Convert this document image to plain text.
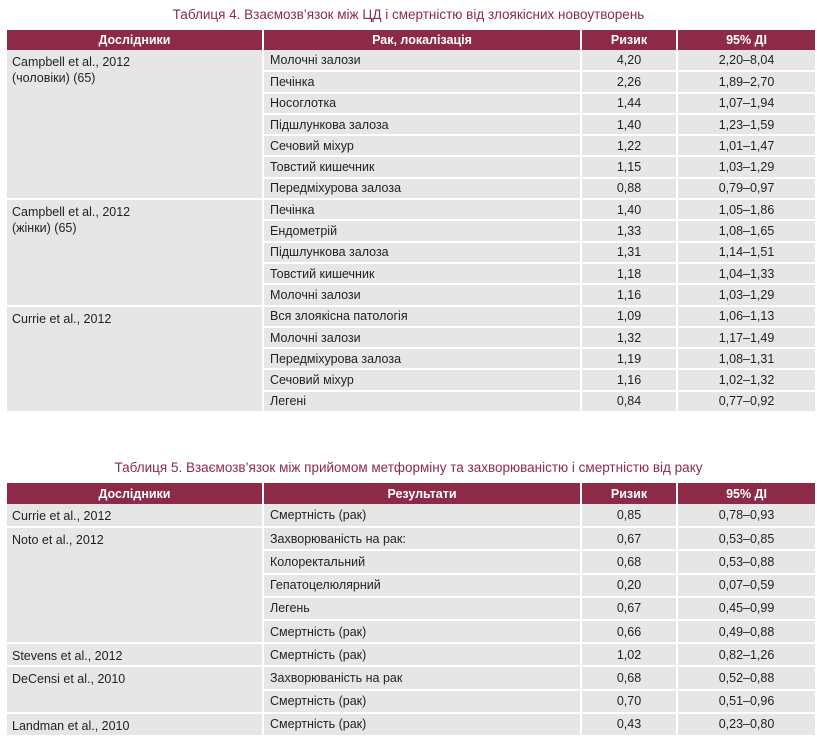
Таблиця 4. Взаємозв’язок між ЦД і смертністю від злоякісних новоутворень
Дослідники	Рак, локалізація	Ризик	95% ДІ
Campbell et al., 2012
(чоловіки) (65)	Молочні залози	4,20	2,20–8,04
	Печінка	2,26	1,89–2,70
	Носоглотка	1,44	1,07–1,94
	Підшлункова залоза	1,40	1,23–1,59
	Сечовий міхур	1,22	1,01–1,47
	Товстий кишечник	1,15	1,03–1,29
	Передміхурова залоза	0,88	0,79–0,97
Campbell et al., 2012
(жінки) (65)	Печінка	1,40	1,05–1,86
	Ендометрій	1,33	1,08–1,65
	Підшлункова залоза	1,31	1,14–1,51
	Товстий кишечник	1,18	1,04–1,33
	Молочні залози	1,16	1,03–1,29
Currie et al., 2012	Вся злоякісна патологія	1,09	1,06–1,13
	Молочні залози	1,32	1,17–1,49
	Передміхурова залоза	1,19	1,08–1,31
	Сечовий міхур	1,16	1,02–1,32
	Легені	0,84	0,77–0,92
Таблиця 5. Взаємозв’язок між прийомом метформіну та захворюваністю і смертністю від раку
Дослідники	Результати	Ризик	95% ДІ
Currie et al., 2012	Смертність (рак)	0,85	0,78–0,93
Noto et al., 2012	Захворюваність на рак:	0,67	0,53–0,85
	Колоректальний	0,68	0,53–0,88
	Гепатоцелюлярний	0,20	0,07–0,59
	Легень	0,67	0,45–0,99
	Смертність (рак)	0,66	0,49–0,88
Stevens et al., 2012	Смертність (рак)	1,02	0,82–1,26
DeCensi et al., 2010	Захворюваність на рак	0,68	0,52–0,88
	Смертність (рак)	0,70	0,51–0,96
Landman et al., 2010	Смертність (рак)	0,43	0,23–0,80
